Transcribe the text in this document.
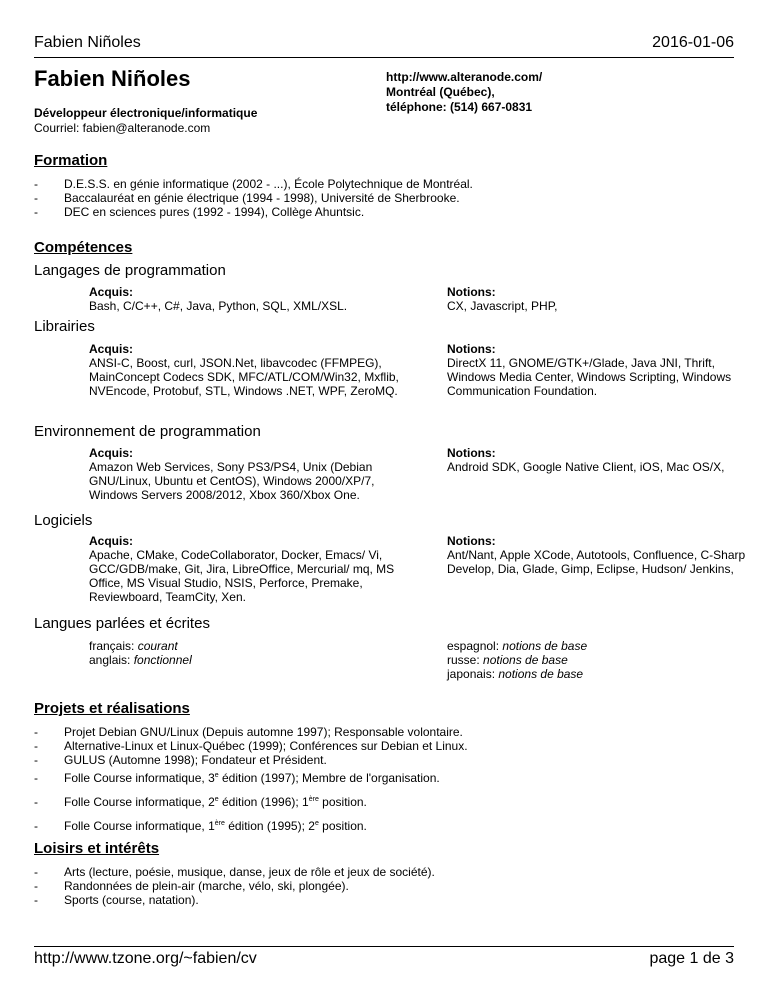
Fabien Niñoles	2016-01-06
Fabien Niñoles
Développeur électronique/informatique
Courriel: fabien@alteranode.com
http://www.alteranode.com/
Montréal (Québec),
téléphone: (514) 667-0831
Formation
- D.E.S.S. en génie informatique (2002 - ...), École Polytechnique de Montréal.
- Baccalauréat en génie électrique (1994 - 1998), Université de Sherbrooke.
- DEC en sciences pures (1992 - 1994), Collège Ahuntsic.
Compétences
Langages de programmation
Acquis:
Bash, C/C++, C#, Java, Python, SQL, XML/XSL.
Notions:
CX, Javascript, PHP,
Librairies
Acquis:
ANSI-C, Boost, curl, JSON.Net, libavcodec (FFMPEG), MainConcept Codecs SDK, MFC/ATL/COM/Win32, Mxflib, NVEncode, Protobuf, STL, Windows .NET, WPF, ZeroMQ.
Notions:
DirectX 11, GNOME/GTK+/Glade, Java JNI, Thrift, Windows Media Center, Windows Scripting, Windows Communication Foundation.
Environnement de programmation
Acquis:
Amazon Web Services, Sony PS3/PS4, Unix (Debian GNU/Linux, Ubuntu et CentOS), Windows 2000/XP/7, Windows Servers 2008/2012, Xbox 360/Xbox One.
Notions:
Android SDK, Google Native Client, iOS, Mac OS/X,
Logiciels
Acquis:
Apache, CMake, CodeCollaborator, Docker, Emacs/ Vi, GCC/GDB/make, Git, Jira, LibreOffice, Mercurial/ mq, MS Office, MS Visual Studio, NSIS, Perforce, Premake, Reviewboard, TeamCity, Xen.
Notions:
Ant/Nant, Apple XCode, Autotools, Confluence, C-Sharp Develop, Dia, Glade, Gimp, Eclipse, Hudson/ Jenkins,
Langues parlées et écrites
français: courant
anglais: fonctionnel
espagnol: notions de base
russe: notions de base
japonais: notions de base
Projets et réalisations
- Projet Debian GNU/Linux (Depuis automne 1997); Responsable volontaire.
- Alternative-Linux et Linux-Québec (1999); Conférences sur Debian et Linux.
- GULUS (Automne 1998); Fondateur et Président.
- Folle Course informatique, 3e édition (1997); Membre de l'organisation.
- Folle Course informatique, 2e édition (1996); 1ère position.
- Folle Course informatique, 1ère édition (1995); 2e position.
Loisirs et intérêts
- Arts (lecture, poésie, musique, danse, jeux de rôle et jeux de société).
- Randonnées de plein-air (marche, vélo, ski, plongée).
- Sports (course, natation).
http://www.tzone.org/~fabien/cv	page 1 de 3
